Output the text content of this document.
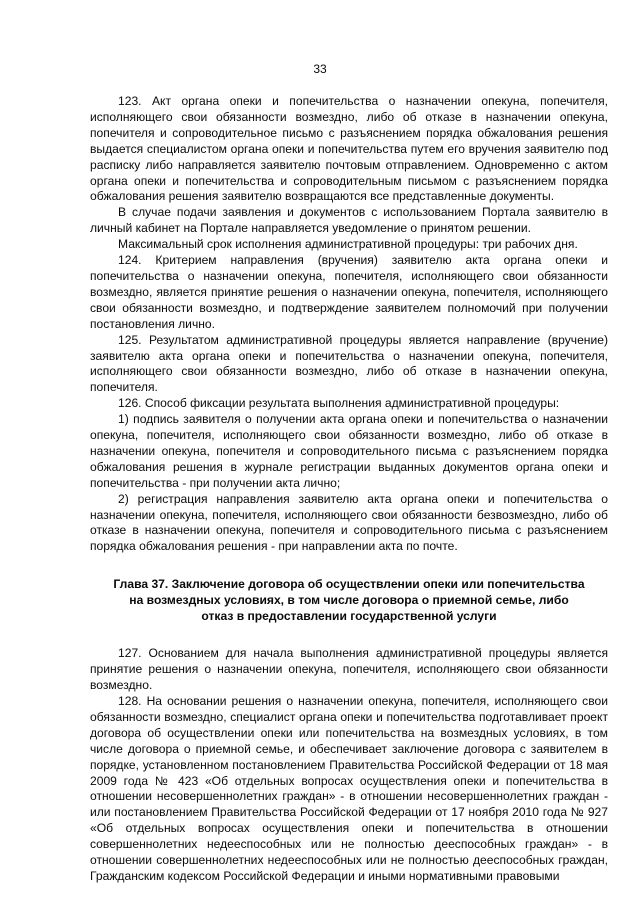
33

123. Акт органа опеки и попечительства о назначении опекуна, попечителя, исполняющего свои обязанности возмездно, либо об отказе в назначении опекуна, попечителя и сопроводительное письмо с разъяснением порядка обжалования решения выдается специалистом органа опеки и попечительства путем его вручения заявителю под расписку либо направляется заявителю почтовым отправлением. Одновременно с актом органа опеки и попечительства и сопроводительным письмом с разъяснением порядка обжалования решения заявителю возвращаются все представленные документы.

В случае подачи заявления и документов с использованием Портала заявителю в личный кабинет на Портале направляется уведомление о принятом решении.

Максимальный срок исполнения административной процедуры: три рабочих дня.

124. Критерием направления (вручения) заявителю акта органа опеки и попечительства о назначении опекуна, попечителя, исполняющего свои обязанности возмездно, является принятие решения о назначении опекуна, попечителя, исполняющего свои обязанности возмездно, и подтверждение заявителем полномочий при получении постановления лично.

125. Результатом административной процедуры является направление (вручение) заявителю акта органа опеки и попечительства о назначении опекуна, попечителя, исполняющего свои обязанности возмездно, либо об отказе в назначении опекуна, попечителя.

126. Способ фиксации результата выполнения административной процедуры:

1) подпись заявителя о получении акта органа опеки и попечительства о назначении опекуна, попечителя, исполняющего свои обязанности возмездно, либо об отказе в назначении опекуна, попечителя и сопроводительного письма с разъяснением порядка обжалования решения в журнале регистрации выданных документов органа опеки и попечительства - при получении акта лично;

2) регистрация направления заявителю акта органа опеки и попечительства о назначении опекуна, попечителя, исполняющего свои обязанности безвозмездно, либо об отказе в назначении опекуна, попечителя и сопроводительного письма с разъяснением порядка обжалования решения - при направлении акта по почте.

Глава 37. Заключение договора об осуществлении опеки или попечительства
на возмездных условиях, в том числе договора о приемной семье, либо
отказ в предоставлении государственной услуги

127. Основанием для начала выполнения административной процедуры является принятие решения о назначении опекуна, попечителя, исполняющего свои обязанности возмездно.

128. На основании решения о назначении опекуна, попечителя, исполняющего свои обязанности возмездно, специалист органа опеки и попечительства подготавливает проект договора об осуществлении опеки или попечительства на возмездных условиях, в том числе договора о приемной семье, и обеспечивает заключение договора с заявителем в порядке, установленном постановлением Правительства Российской Федерации от 18 мая 2009 года № 423 «Об отдельных вопросах осуществления опеки и попечительства в отношении несовершеннолетних граждан» - в отношении несовершеннолетних граждан - или постановлением Правительства Российской Федерации от 17 ноября 2010 года № 927 «Об отдельных вопросах осуществления опеки и попечительства в отношении совершеннолетних недееспособных или не полностью дееспособных граждан» - в отношении совершеннолетних недееспособных или не полностью дееспособных граждан, Гражданским кодексом Российской Федерации и иными нормативными правовыми
